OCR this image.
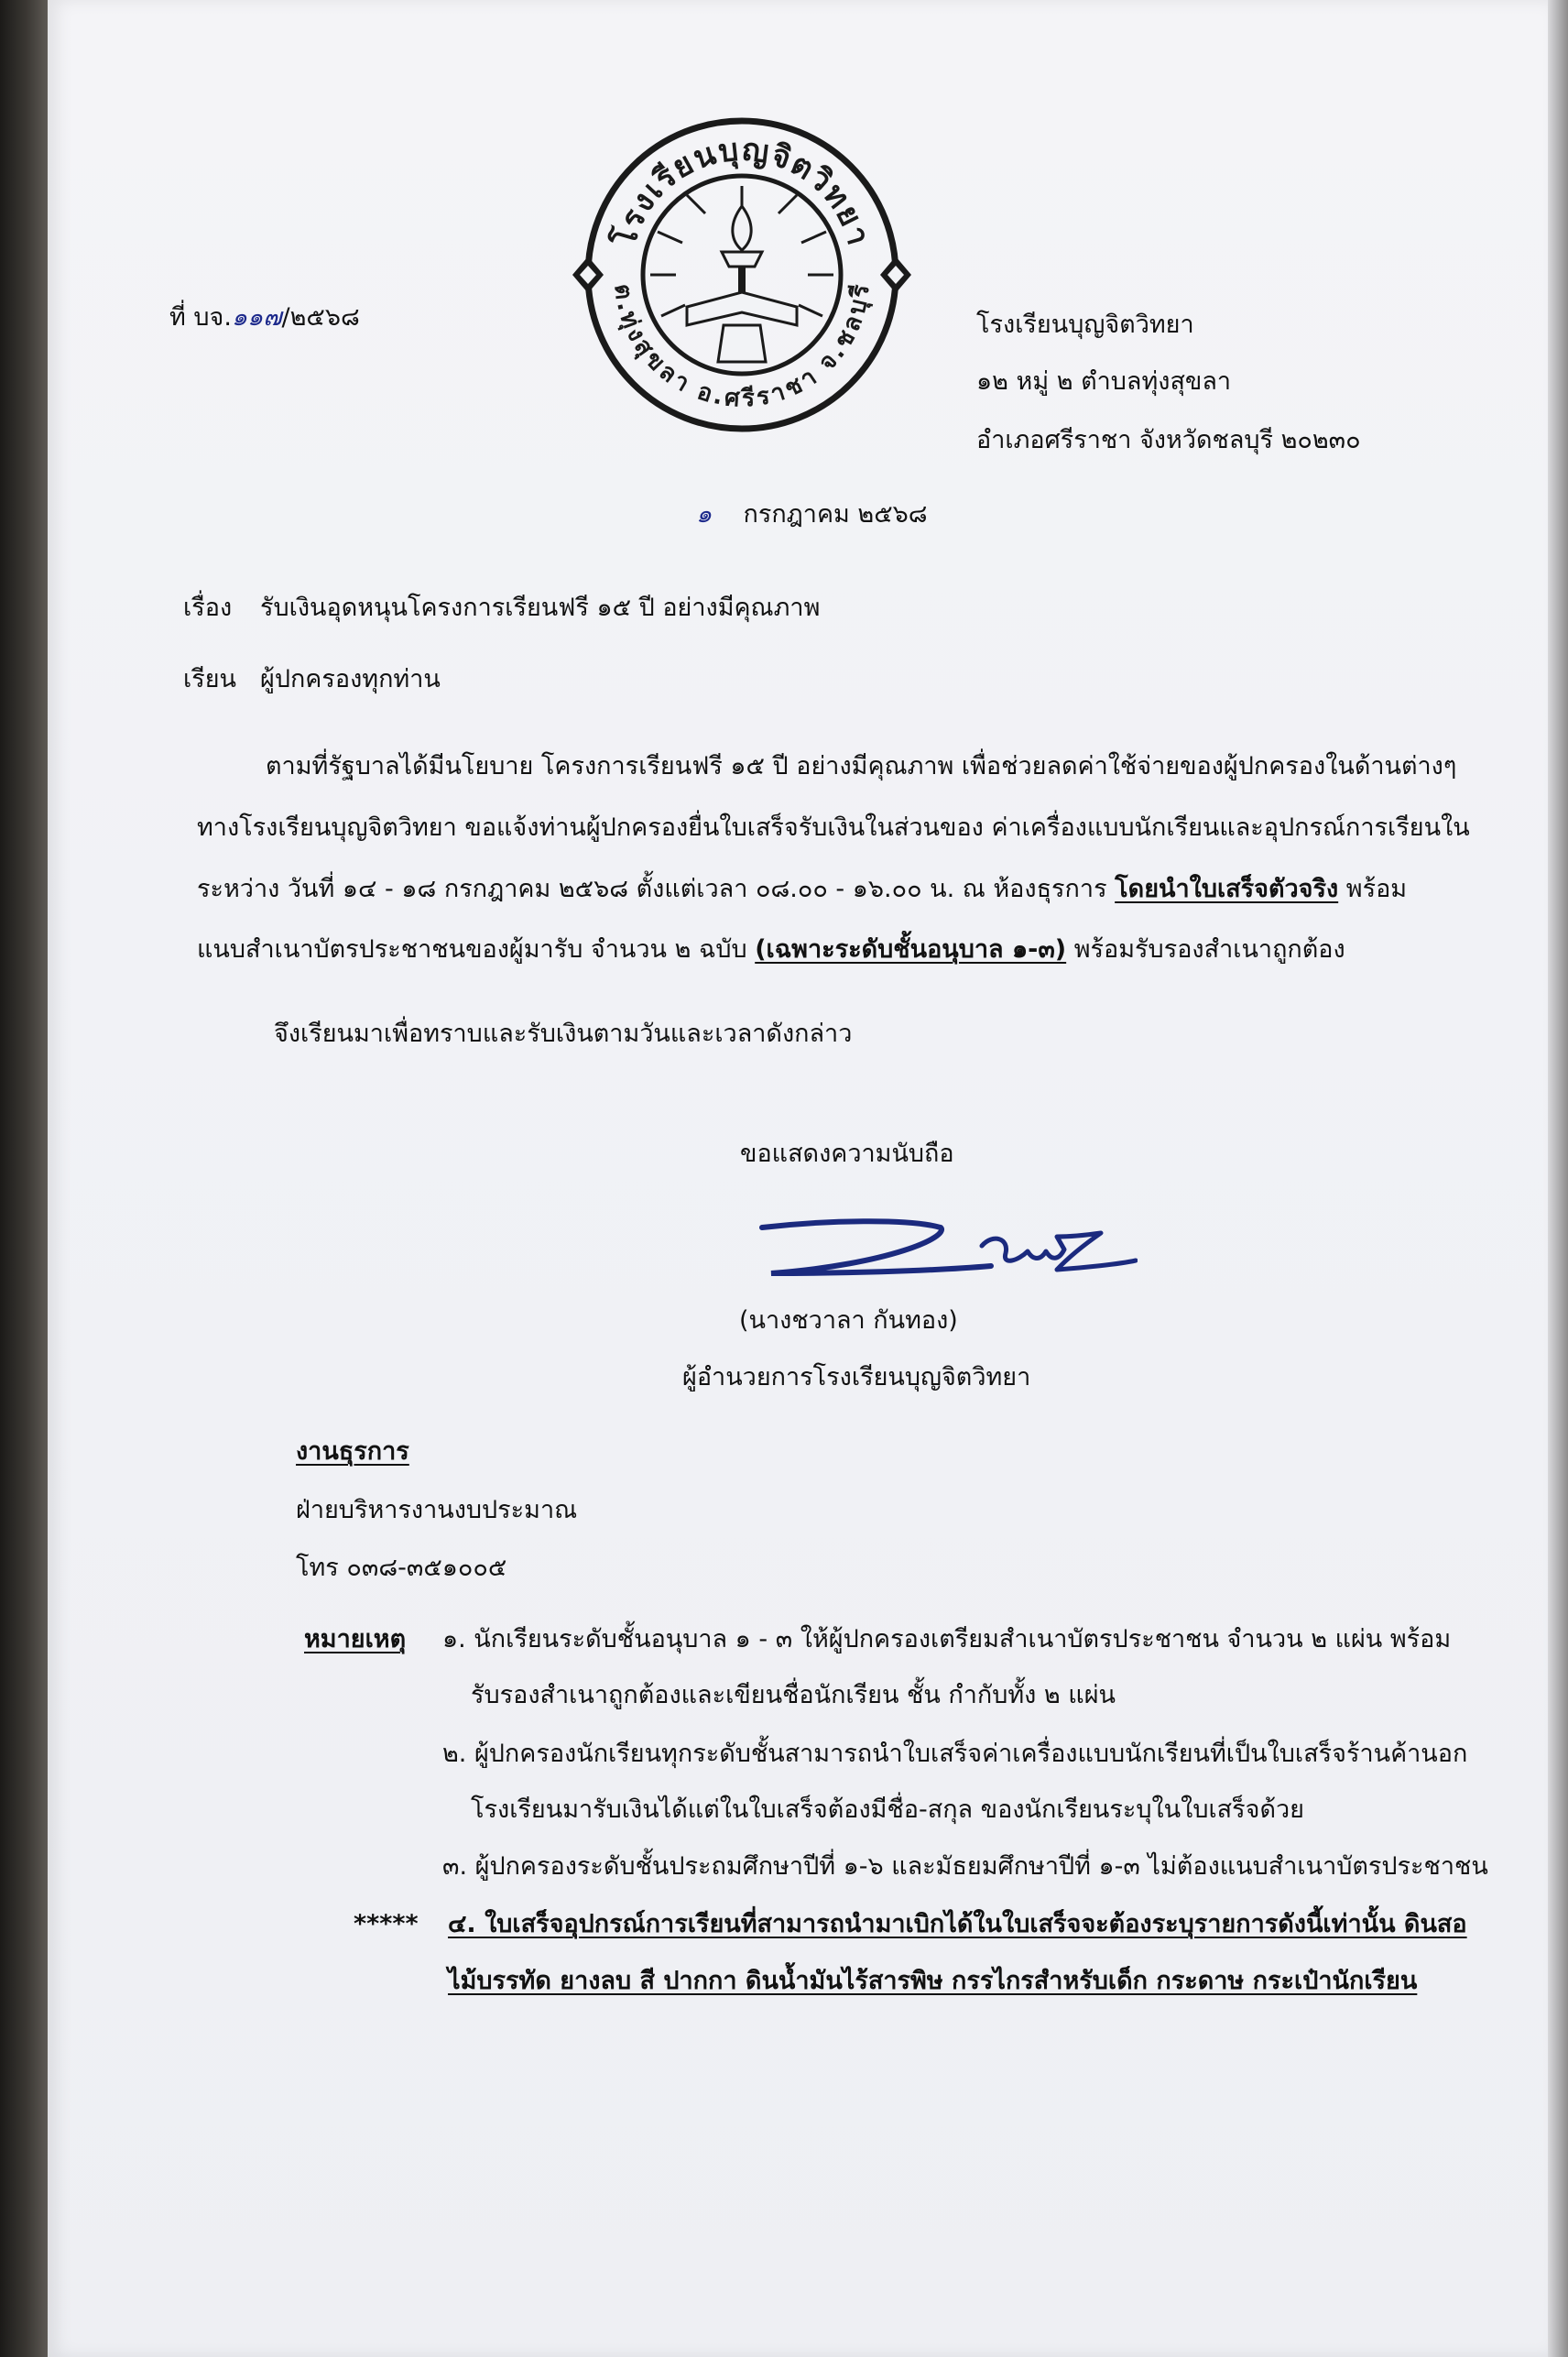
โรงเรียนบุญจิตวิทยา
ต.ทุ่งสุขลา อ.ศรีราชา จ.ชลบุรี
ที่ บจ.๑๑๗/๒๕๖๘	โรงเรียนบุญจิตวิทยา
๑๒ หมู่ ๒ ตำบลทุ่งสุขลา
อำเภอศรีราชา จังหวัดชลบุรี ๒๐๒๓๐
๑ กรกฎาคม ๒๕๖๘
เรื่อง รับเงินอุดหนุนโครงการเรียนฟรี ๑๕ ปี อย่างมีคุณภาพ
เรียน ผู้ปกครองทุกท่าน
ตามที่รัฐบาลได้มีนโยบาย โครงการเรียนฟรี ๑๕ ปี อย่างมีคุณภาพ เพื่อช่วยลดค่าใช้จ่ายของผู้ปกครองในด้านต่างๆ
ทางโรงเรียนบุญจิตวิทยา ขอแจ้งท่านผู้ปกครองยื่นใบเสร็จรับเงินในส่วนของ ค่าเครื่องแบบนักเรียนและอุปกรณ์การเรียนใน
ระหว่าง วันที่ ๑๔ - ๑๘ กรกฎาคม ๒๕๖๘ ตั้งแต่เวลา ๐๘.๐๐ - ๑๖.๐๐ น. ณ ห้องธุรการ โดยนำใบเสร็จตัวจริง พร้อม
แนบสำเนาบัตรประชาชนของผู้มารับ จำนวน ๒ ฉบับ (เฉพาะระดับชั้นอนุบาล ๑-๓) พร้อมรับรองสำเนาถูกต้อง
จึงเรียนมาเพื่อทราบและรับเงินตามวันและเวลาดังกล่าว
ขอแสดงความนับถือ
(นางชวาลา กันทอง)
ผู้อำนวยการโรงเรียนบุญจิตวิทยา
งานธุรการ
ฝ่ายบริหารงานงบประมาณ
โทร ๐๓๘-๓๕๑๐๐๕
หมายเหตุ ๑. นักเรียนระดับชั้นอนุบาล ๑ - ๓ ให้ผู้ปกครองเตรียมสำเนาบัตรประชาชน จำนวน ๒ แผ่น พร้อม
รับรองสำเนาถูกต้องและเขียนชื่อนักเรียน ชั้น กำกับทั้ง ๒ แผ่น
๒. ผู้ปกครองนักเรียนทุกระดับชั้นสามารถนำใบเสร็จค่าเครื่องแบบนักเรียนที่เป็นใบเสร็จร้านค้านอก
โรงเรียนมารับเงินได้แต่ในใบเสร็จต้องมีชื่อ-สกุล ของนักเรียนระบุในใบเสร็จด้วย
๓. ผู้ปกครองระดับชั้นประถมศึกษาปีที่ ๑-๖ และมัธยมศึกษาปีที่ ๑-๓ ไม่ต้องแนบสำเนาบัตรประชาชน
***** ๔. ใบเสร็จอุปกรณ์การเรียนที่สามารถนำมาเบิกได้ในใบเสร็จจะต้องระบุรายการดังนี้เท่านั้น ดินสอ
ไม้บรรทัด ยางลบ สี ปากกา ดินน้ำมันไร้สารพิษ กรรไกรสำหรับเด็ก กระดาษ กระเป๋านักเรียน
